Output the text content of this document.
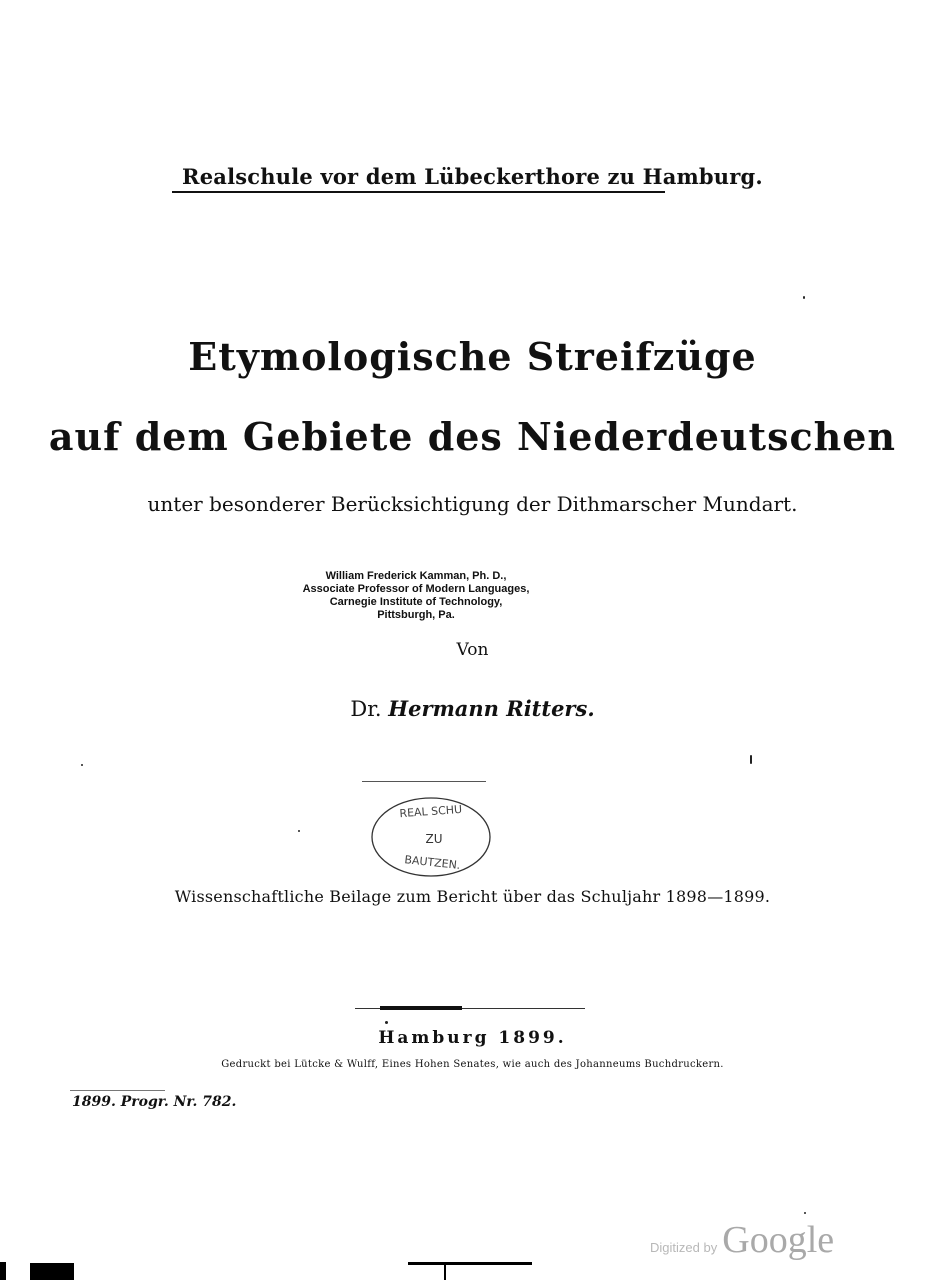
Realschule vor dem Lübeckerthore zu Hamburg.
Etymologische Streifzüge
auf dem Gebiete des Niederdeutschen
unter besonderer Berücksichtigung der Dithmarscher Mundart.
William Frederick Kamman, Ph. D.,
Associate Professor of Modern Languages,
Carnegie Institute of Technology,
Pittsburgh, Pa.
Von
Dr. Hermann Ritters.
REAL SCHU
ZU
BAUTZEN.
Wissenschaftliche Beilage zum Bericht über das Schuljahr 1898—1899.
Hamburg 1899.
Gedruckt bei Lütcke & Wulff, Eines Hohen Senates, wie auch des Johanneums Buchdruckern.
1899. Progr. Nr. 782.
Digitized by Google
